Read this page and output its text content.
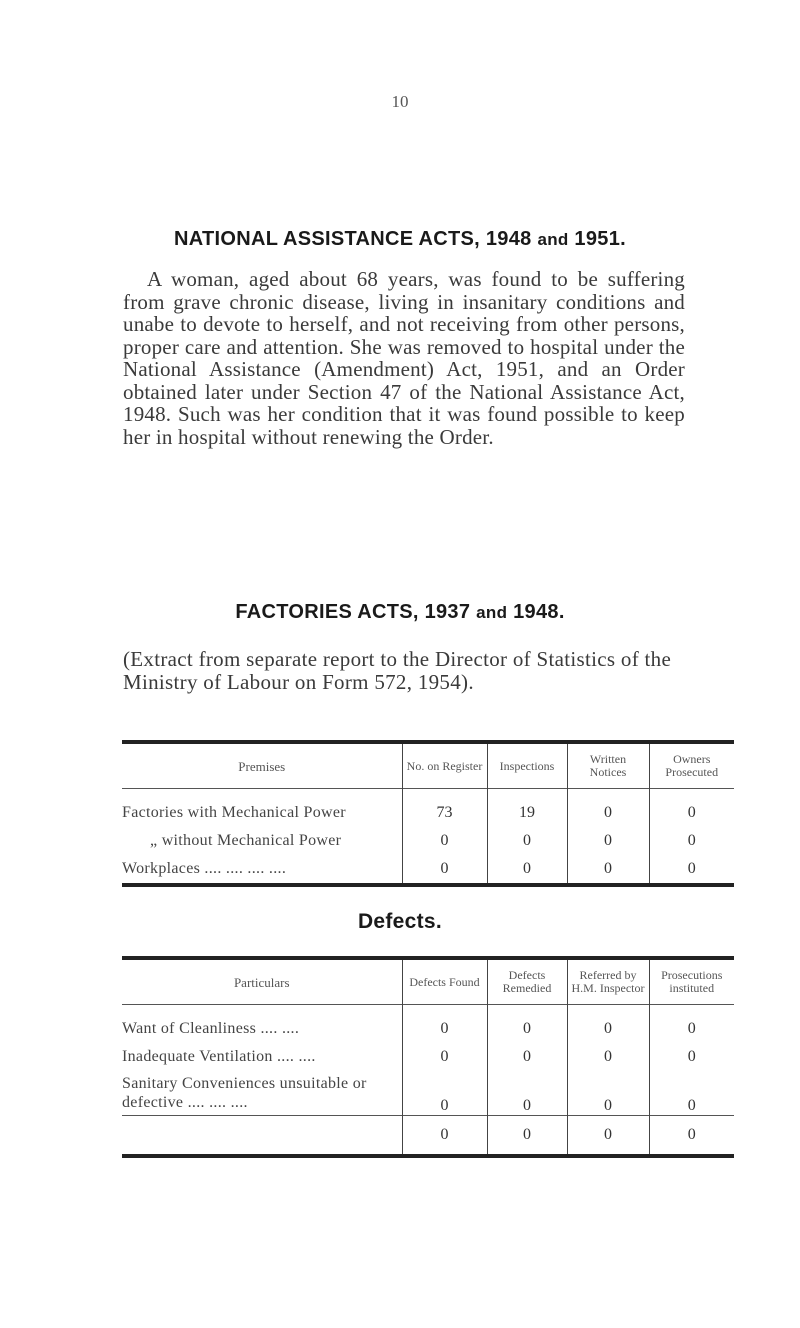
10
NATIONAL ASSISTANCE ACTS, 1948 and 1951.
A woman, aged about 68 years, was found to be suffering from grave chronic disease, living in insanitary conditions and unabe to devote to herself, and not receiving from other persons, proper care and attention. She was removed to hospital under the National Assistance (Amendment) Act, 1951, and an Order obtained later under Section 47 of the National Assistance Act, 1948. Such was her condition that it was found possible to keep her in hospital without renewing the Order.
FACTORIES ACTS, 1937 and 1948.
(Extract from separate report to the Director of Statistics of the Ministry of Labour on Form 572, 1954).
Premises	No. on Register	Inspections	Written Notices	Owners Prosecuted
Factories with Mechanical Power	73	19	0	0
„ without Mechanical Power	0	0	0	0
Workplaces .... .... .... ....	0	0	0	0
Defects.
Particulars	Defects Found	Defects Remedied	Referred by H.M. Inspector	Prosecutions instituted
Want of Cleanliness .... ....	0	0	0	0
Inadequate Ventilation .... ....	0	0	0	0
Sanitary Conveniences unsuitable or defective .... .... ....	0	0	0	0
	0	0	0	0
